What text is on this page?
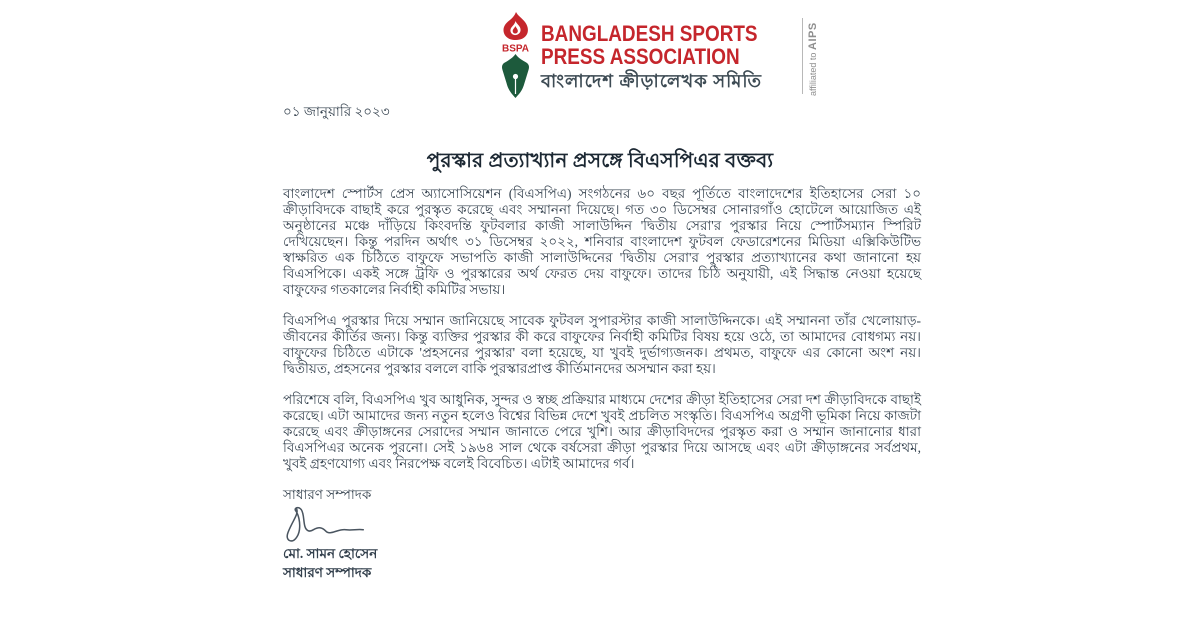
BSPA
BANGLADESH SPORTS
PRESS ASSOCIATION
বাংলাদেশ ক্রীড়ালেখক সমিতি	affiliated to
AIPS
০১ জানুয়ারি ২০২৩
পুরস্কার প্রত্যাখ্যান প্রসঙ্গে বিএসপিএর বক্তব্য

বাংলাদেশ স্পোর্টস প্রেস অ্যাসোসিয়েশন (বিএসপিএ) সংগঠনের ৬০ বছর পূর্তিতে বাংলাদেশের ইতিহাসের সেরা ১০ ক্রীড়াবিদকে বাছাই করে পুরস্কৃত করেছে এবং সম্মাননা দিয়েছে। গত ৩০ ডিসেম্বর সোনারগাঁও হোটেলে আয়োজিত এই অনুষ্ঠানের মঞ্চে দাঁড়িয়ে কিংবদন্তি ফুটবলার কাজী সালাউদ্দিন 'দ্বিতীয় সেরা'র পুরস্কার নিয়ে স্পোর্টসম্যান স্পিরিট দেখিয়েছেন। কিন্তু পরদিন অর্থাৎ ৩১ ডিসেম্বর ২০২২, শনিবার বাংলাদেশ ফুটবল ফেডারেশনের মিডিয়া এক্সিকিউটিভ স্বাক্ষরিত এক চিঠিতে বাফুফে সভাপতি কাজী সালাউদ্দিনের 'দ্বিতীয় সেরা'র পুরস্কার প্রত্যাখ্যানের কথা জানানো হয় বিএসপিকে। একই সঙ্গে ট্রফি ও পুরস্কারের অর্থ ফেরত দেয় বাফুফে। তাদের চিঠি অনুযায়ী, এই সিদ্ধান্ত নেওয়া হয়েছে বাফুফের গতকালের নির্বাহী কমিটির সভায়।

বিএসপিএ পুরস্কার দিয়ে সম্মান জানিয়েছে সাবেক ফুটবল সুপারস্টার কাজী সালাউদ্দিনকে। এই সম্মাননা তাঁর খেলোয়াড়-জীবনের কীর্তির জন্য। কিন্তু ব্যক্তির পুরস্কার কী করে বাফুফের নির্বাহী কমিটির বিষয় হয়ে ওঠে, তা আমাদের বোধগম্য নয়। বাফুফের চিঠিতে এটাকে 'প্রহসনের পুরস্কার' বলা হয়েছে, যা খুবই দুর্ভাগ্যজনক। প্রথমত, বাফুফে এর কোনো অংশ নয়। দ্বিতীয়ত, প্রহসনের পুরস্কার বললে বাকি পুরস্কারপ্রাপ্ত কীর্তিমানদের অসম্মান করা হয়।

পরিশেষে বলি, বিএসপিএ খুব আধুনিক, সুন্দর ও স্বচ্ছ প্রক্রিয়ার মাধ্যমে দেশের ক্রীড়া ইতিহাসের সেরা দশ ক্রীড়াবিদকে বাছাই করেছে। এটা আমাদের জন্য নতুন হলেও বিশ্বের বিভিন্ন দেশে খুবই প্রচলিত সংস্কৃতি। বিএসপিএ অগ্রণী ভূমিকা নিয়ে কাজটা করেছে এবং ক্রীড়াঙ্গনের সেরাদের সম্মান জানাতে পেরে খুশি। আর ক্রীড়াবিদদের পুরস্কৃত করা ও সম্মান জানানোর ধারা বিএসপিএর অনেক পুরনো। সেই ১৯৬৪ সাল থেকে বর্ষসেরা ক্রীড়া পুরস্কার দিয়ে আসছে এবং এটা ক্রীড়াঙ্গনের সর্বপ্রথম, খুবই গ্রহণযোগ্য এবং নিরপেক্ষ বলেই বিবেচিত। এটাই আমাদের গর্ব।

সাধারণ সম্পাদক
মো. সামন হোসেন
সাধারণ সম্পাদক
